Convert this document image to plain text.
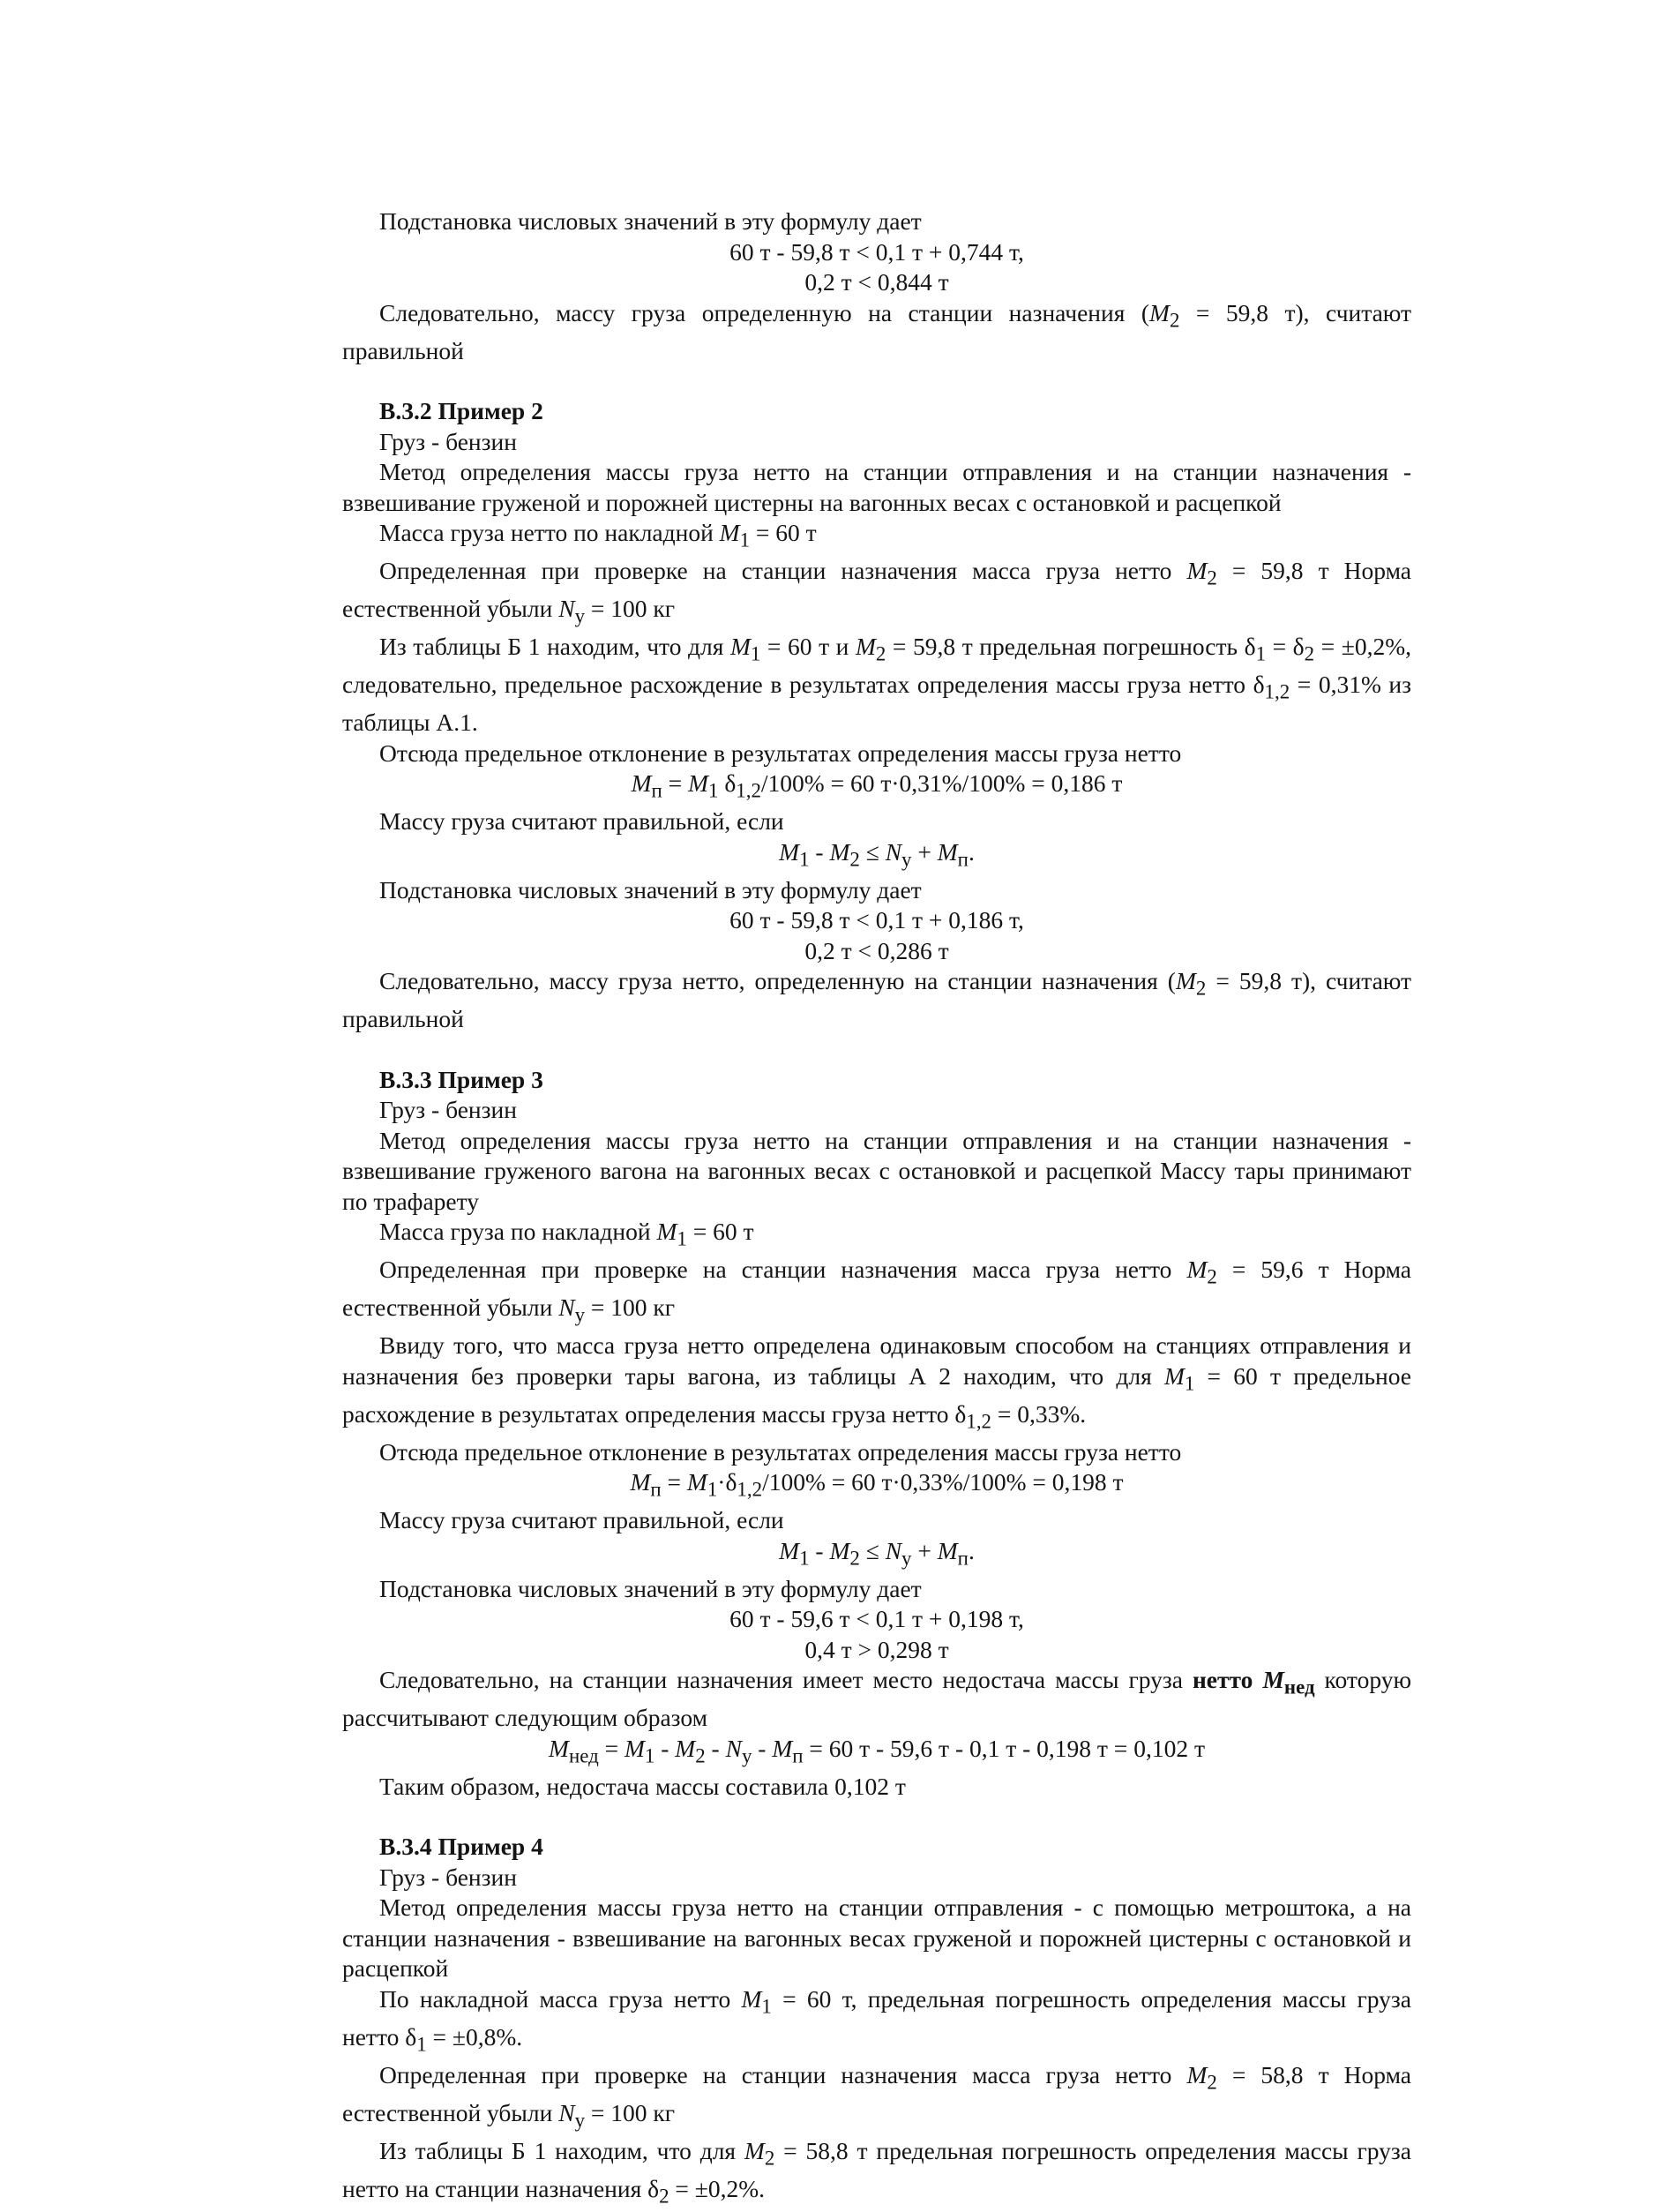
Подстановка числовых значений в эту формулу дает
60 т - 59,8 т < 0,1 т + 0,744 т,
0,2 т < 0,844 т
Следовательно, массу груза определенную на станции назначения ($M_2 = 59,8$ т), считают правильной
В.3.2 Пример 2
Груз - бензин
Метод определения массы груза нетто на станции отправления и на станции назначения - взвешивание груженой и порожней цистерны на вагонных весах с остановкой и расцепкой
Масса груза нетто по накладной $M_1 = 60$ т
Определенная при проверке на станции назначения масса груза нетто $M_2 = 59,8$ т Норма естественной убыли $N_у = 100$ кг
Из таблицы Б 1 находим, что для $M_1 = 60$ т и $M_2 = 59,8$ т предельная погрешность $\delta_1 = \delta_2 = \pm 0,2\%$, следовательно, предельное расхождение в результатах определения массы груза нетто $\delta_{1,2} = 0,31\%$ из таблицы А.1.
Отсюда предельное отклонение в результатах определения массы груза нетто
$M_п = M_1$ $\delta_{1,2}/100\% = 60$ т·0,31%/100% = 0,186 т
Массу груза считают правильной, если
$M_1 - M_2 \le N_у + M_п$.
Подстановка числовых значений в эту формулу дает
60 т - 59,8 т < 0,1 т + 0,186 т,
0,2 т < 0,286 т
Следовательно, массу груза нетто, определенную на станции назначения ($M_2 = 59,8$ т), считают правильной
В.3.3 Пример 3
Груз - бензин
Метод определения массы груза нетто на станции отправления и на станции назначения - взвешивание груженого вагона на вагонных весах с остановкой и расцепкой Массу тары принимают по трафарету
Масса груза по накладной $M_1 = 60$ т
Определенная при проверке на станции назначения масса груза нетто $M_2 = 59,6$ т Норма естественной убыли $N_у = 100$ кг
Ввиду того, что масса груза нетто определена одинаковым способом на станциях отправления и назначения без проверки тары вагона, из таблицы А 2 находим, что для $M_1 = 60$ т предельное расхождение в результатах определения массы груза нетто $\delta_{1,2} = 0,33\%$.
Отсюда предельное отклонение в результатах определения массы груза нетто
$M_п = M_1\cdot\delta_{1,2}/100\% = 60$ т·0,33%/100% = 0,198 т
Массу груза считают правильной, если
$M_1 - M_2 \le N_у + M_п$.
Подстановка числовых значений в эту формулу дает
60 т - 59,6 т < 0,1 т + 0,198 т,
0,4 т > 0,298 т
Следовательно, на станции назначения имеет место недостача массы груза нетто $M_{нед}$ которую рассчитывают следующим образом
$M_{нед} = M_1 - M_2 - N_у - M_п = 60$ т - 59,6 т - 0,1 т - 0,198 т = 0,102 т
Таким образом, недостача массы составила 0,102 т
В.3.4 Пример 4
Груз - бензин
Метод определения массы груза нетто на станции отправления - с помощью метроштока, а на станции назначения - взвешивание на вагонных весах груженой и порожней цистерны с остановкой и расцепкой
По накладной масса груза нетто $M_1 = 60$ т, предельная погрешность определения массы груза нетто $\delta_1 = \pm 0,8\%$.
Определенная при проверке на станции назначения масса груза нетто $M_2 = 58,8$ т Норма естественной убыли $N_у = 100$ кг
Из таблицы Б 1 находим, что для $M_2 = 58,8$ т предельная погрешность определения массы груза нетто на станции назначения $\delta_2 = \pm 0,2\%$.
